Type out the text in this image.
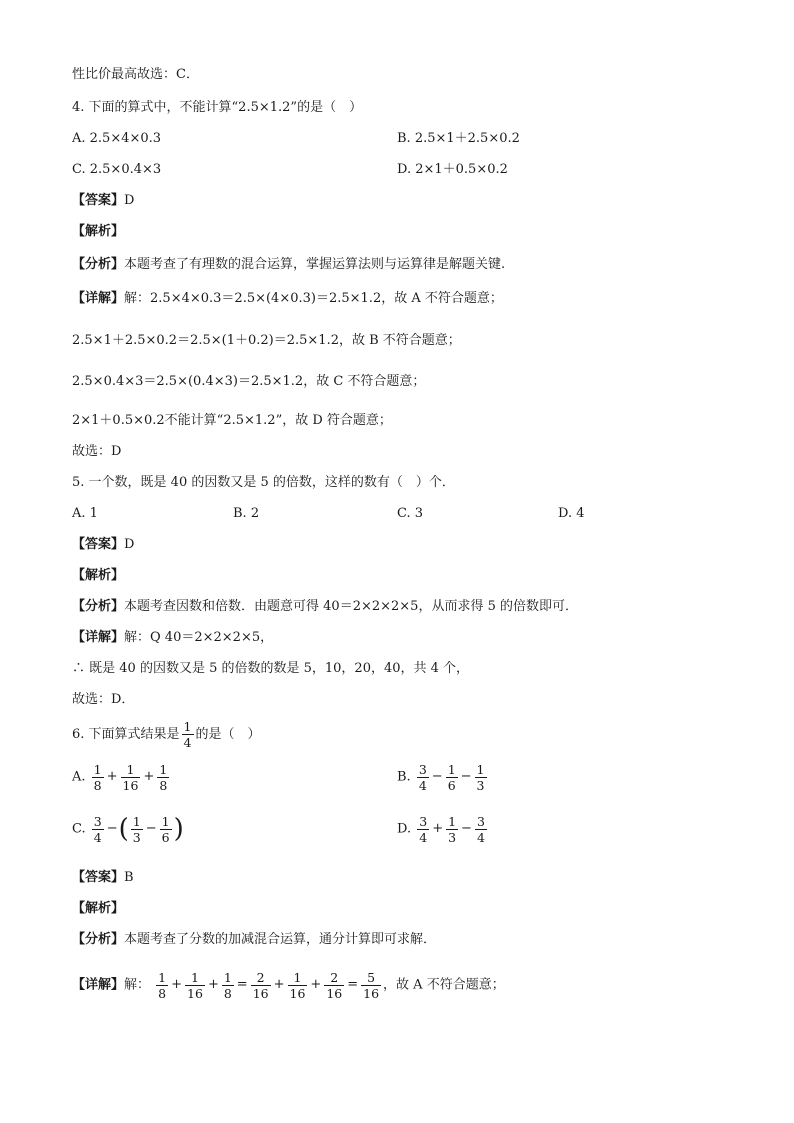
性比价最高故选：C．
4. 下面的算式中，不能计算“2.5×1.2”的是（　）
A. 2.5×4×0.3	B. 2.5×1＋2.5×0.2
C. 2.5×0.4×3	D. 2×1＋0.5×0.2
【答案】D
【解析】
【分析】本题考查了有理数的混合运算，掌握运算法则与运算律是解题关键.
【详解】解：2.5×4×0.3＝2.5×(4×0.3)＝2.5×1.2，故 A 不符合题意；
2.5×1＋2.5×0.2＝2.5×(1＋0.2)＝2.5×1.2，故 B 不符合题意；
2.5×0.4×3＝2.5×(0.4×3)＝2.5×1.2，故 C 不符合题意；
2×1＋0.5×0.2不能计算“2.5×1.2”，故 D 符合题意；
故选：D
5. 一个数，既是 40 的因数又是 5 的倍数，这样的数有（　）个．
A. 1	B. 2	C. 3	D. 4
【答案】D
【解析】
【分析】本题考查因数和倍数．由题意可得 40＝2×2×2×5，从而求得 5 的倍数即可．
【详解】解：Q 40＝2×2×2×5，
∴ 既是 40 的因数又是 5 的倍数的数是 5，10，20，40，共 4 个，
故选：D．
6. 下面算式结果是 $\frac{1}{4}$ 的是（　）
A. $\frac{1}{8} + \frac{1}{16} + \frac{1}{8}$	B. $\frac{3}{4} - \frac{1}{6} - \frac{1}{3}$
C. $\frac{3}{4}$ −( $\frac{1}{3} - \frac{1}{6}$ )	D. $\frac{3}{4} + \frac{1}{3} - \frac{3}{4}$
【答案】B
【解析】
【分析】本题考查了分数的加减混合运算，通分计算即可求解．
【详解】解： $\frac{1}{8} + \frac{1}{16} + \frac{1}{8} = \frac{2}{16} + \frac{1}{16} + \frac{2}{16} = \frac{5}{16}$ ，故 A 不符合题意；
